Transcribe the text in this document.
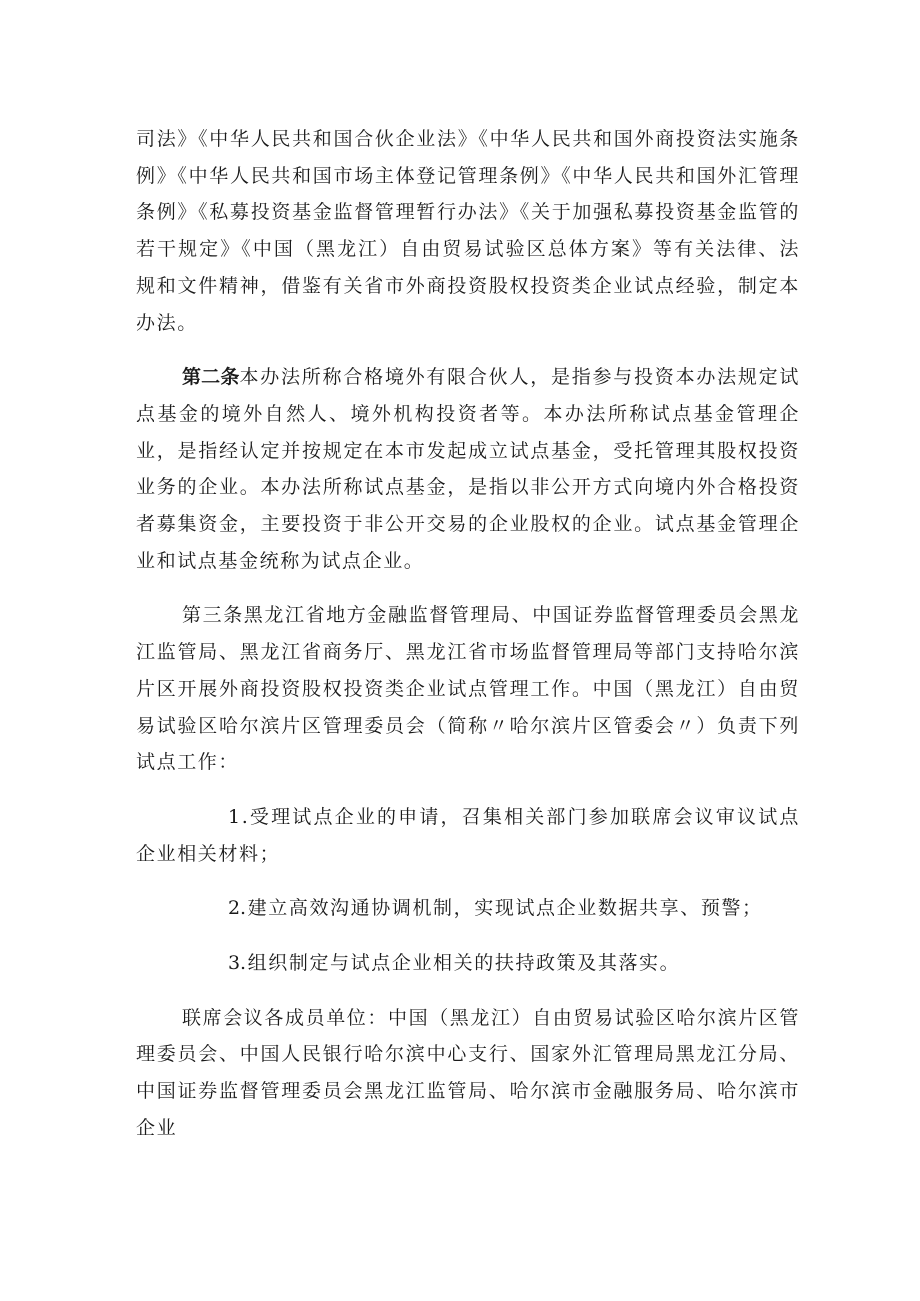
司法》《中华人民共和国合伙企业法》《中华人民共和国外商投资法实施条例》《中华人民共和国市场主体登记管理条例》《中华人民共和国外汇管理条例》《私募投资基金监督管理暂行办法》《关于加强私募投资基金监管的若干规定》《中国（黑龙江）自由贸易试验区总体方案》等有关法律、法规和文件精神，借鉴有关省市外商投资股权投资类企业试点经验，制定本办法。

第二条本办法所称合格境外有限合伙人，是指参与投资本办法规定试点基金的境外自然人、境外机构投资者等。本办法所称试点基金管理企业，是指经认定并按规定在本市发起成立试点基金，受托管理其股权投资业务的企业。本办法所称试点基金，是指以非公开方式向境内外合格投资者募集资金，主要投资于非公开交易的企业股权的企业。试点基金管理企业和试点基金统称为试点企业。

第三条黑龙江省地方金融监督管理局、中国证券监督管理委员会黑龙江监管局、黑龙江省商务厅、黑龙江省市场监督管理局等部门支持哈尔滨片区开展外商投资股权投资类企业试点管理工作。中国（黑龙江）自由贸易试验区哈尔滨片区管理委员会（简称〃哈尔滨片区管委会〃）负责下列试点工作：

1.受理试点企业的申请，召集相关部门参加联席会议审议试点企业相关材料；

2.建立高效沟通协调机制，实现试点企业数据共享、预警；

3.组织制定与试点企业相关的扶持政策及其落实。

联席会议各成员单位：中国（黑龙江）自由贸易试验区哈尔滨片区管理委员会、中国人民银行哈尔滨中心支行、国家外汇管理局黑龙江分局、中国证券监督管理委员会黑龙江监管局、哈尔滨市金融服务局、哈尔滨市企业
